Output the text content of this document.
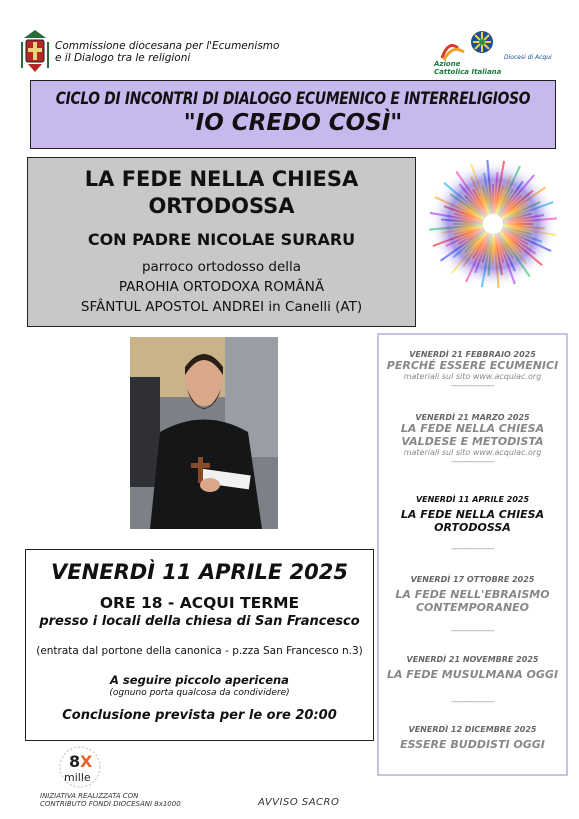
Commissione diocesana per l'Ecumenismo
e il Dialogo tra le religioni	Azione
Cattolica Italiana
Diocesi di Acqui
CICLO DI INCONTRI DI DIALOGO ECUMENICO E INTERRELIGIOSO
"IO CREDO COSÌ"
LA FEDE NELLA CHIESA
ORTODOSSA
CON PADRE NICOLAE SURARU
parroco ortodosso della
PAROHIA ORTODOXA ROMÂNĂ
SFÂNTUL APOSTOL ANDREI in Canelli (AT)
VENERDÌ 21 FEBBRAIO 2025
PERCHÉ ESSERE ECUMENICI
materiali sul sito www.acquiac.org
------------------
VENERDÌ 21 MARZO 2025
LA FEDE NELLA CHIESA VALDESE E METODISTA
materiali sul sito www.acquiac.org
------------------
VENERDÌ 11 APRILE 2025
LA FEDE NELLA CHIESA ORTODOSSA
------------------
VENERDÌ 17 OTTOBRE 2025
LA FEDE NELL'EBRAISMO CONTEMPORANEO
------------------
VENERDÌ 21 NOVEMBRE 2025
LA FEDE MUSULMANA OGGI
------------------
VENERDÌ 12 DICEMBRE 2025
ESSERE BUDDISTI OGGI
VENERDÌ 11 APRILE 2025
ORE 18 - ACQUI TERME
presso i locali della chiesa di San Francesco
(entrata dal portone della canonica - p.zza San Francesco n.3)
A seguire piccolo apericena
(ognuno porta qualcosa da condividere)
Conclusione prevista per le ore 20:00
8 X
mille
INIZIATIVA REALIZZATA CON
CONTRIBUTO FONDI DIOCESANI 8x1000	AVVISO SACRO
